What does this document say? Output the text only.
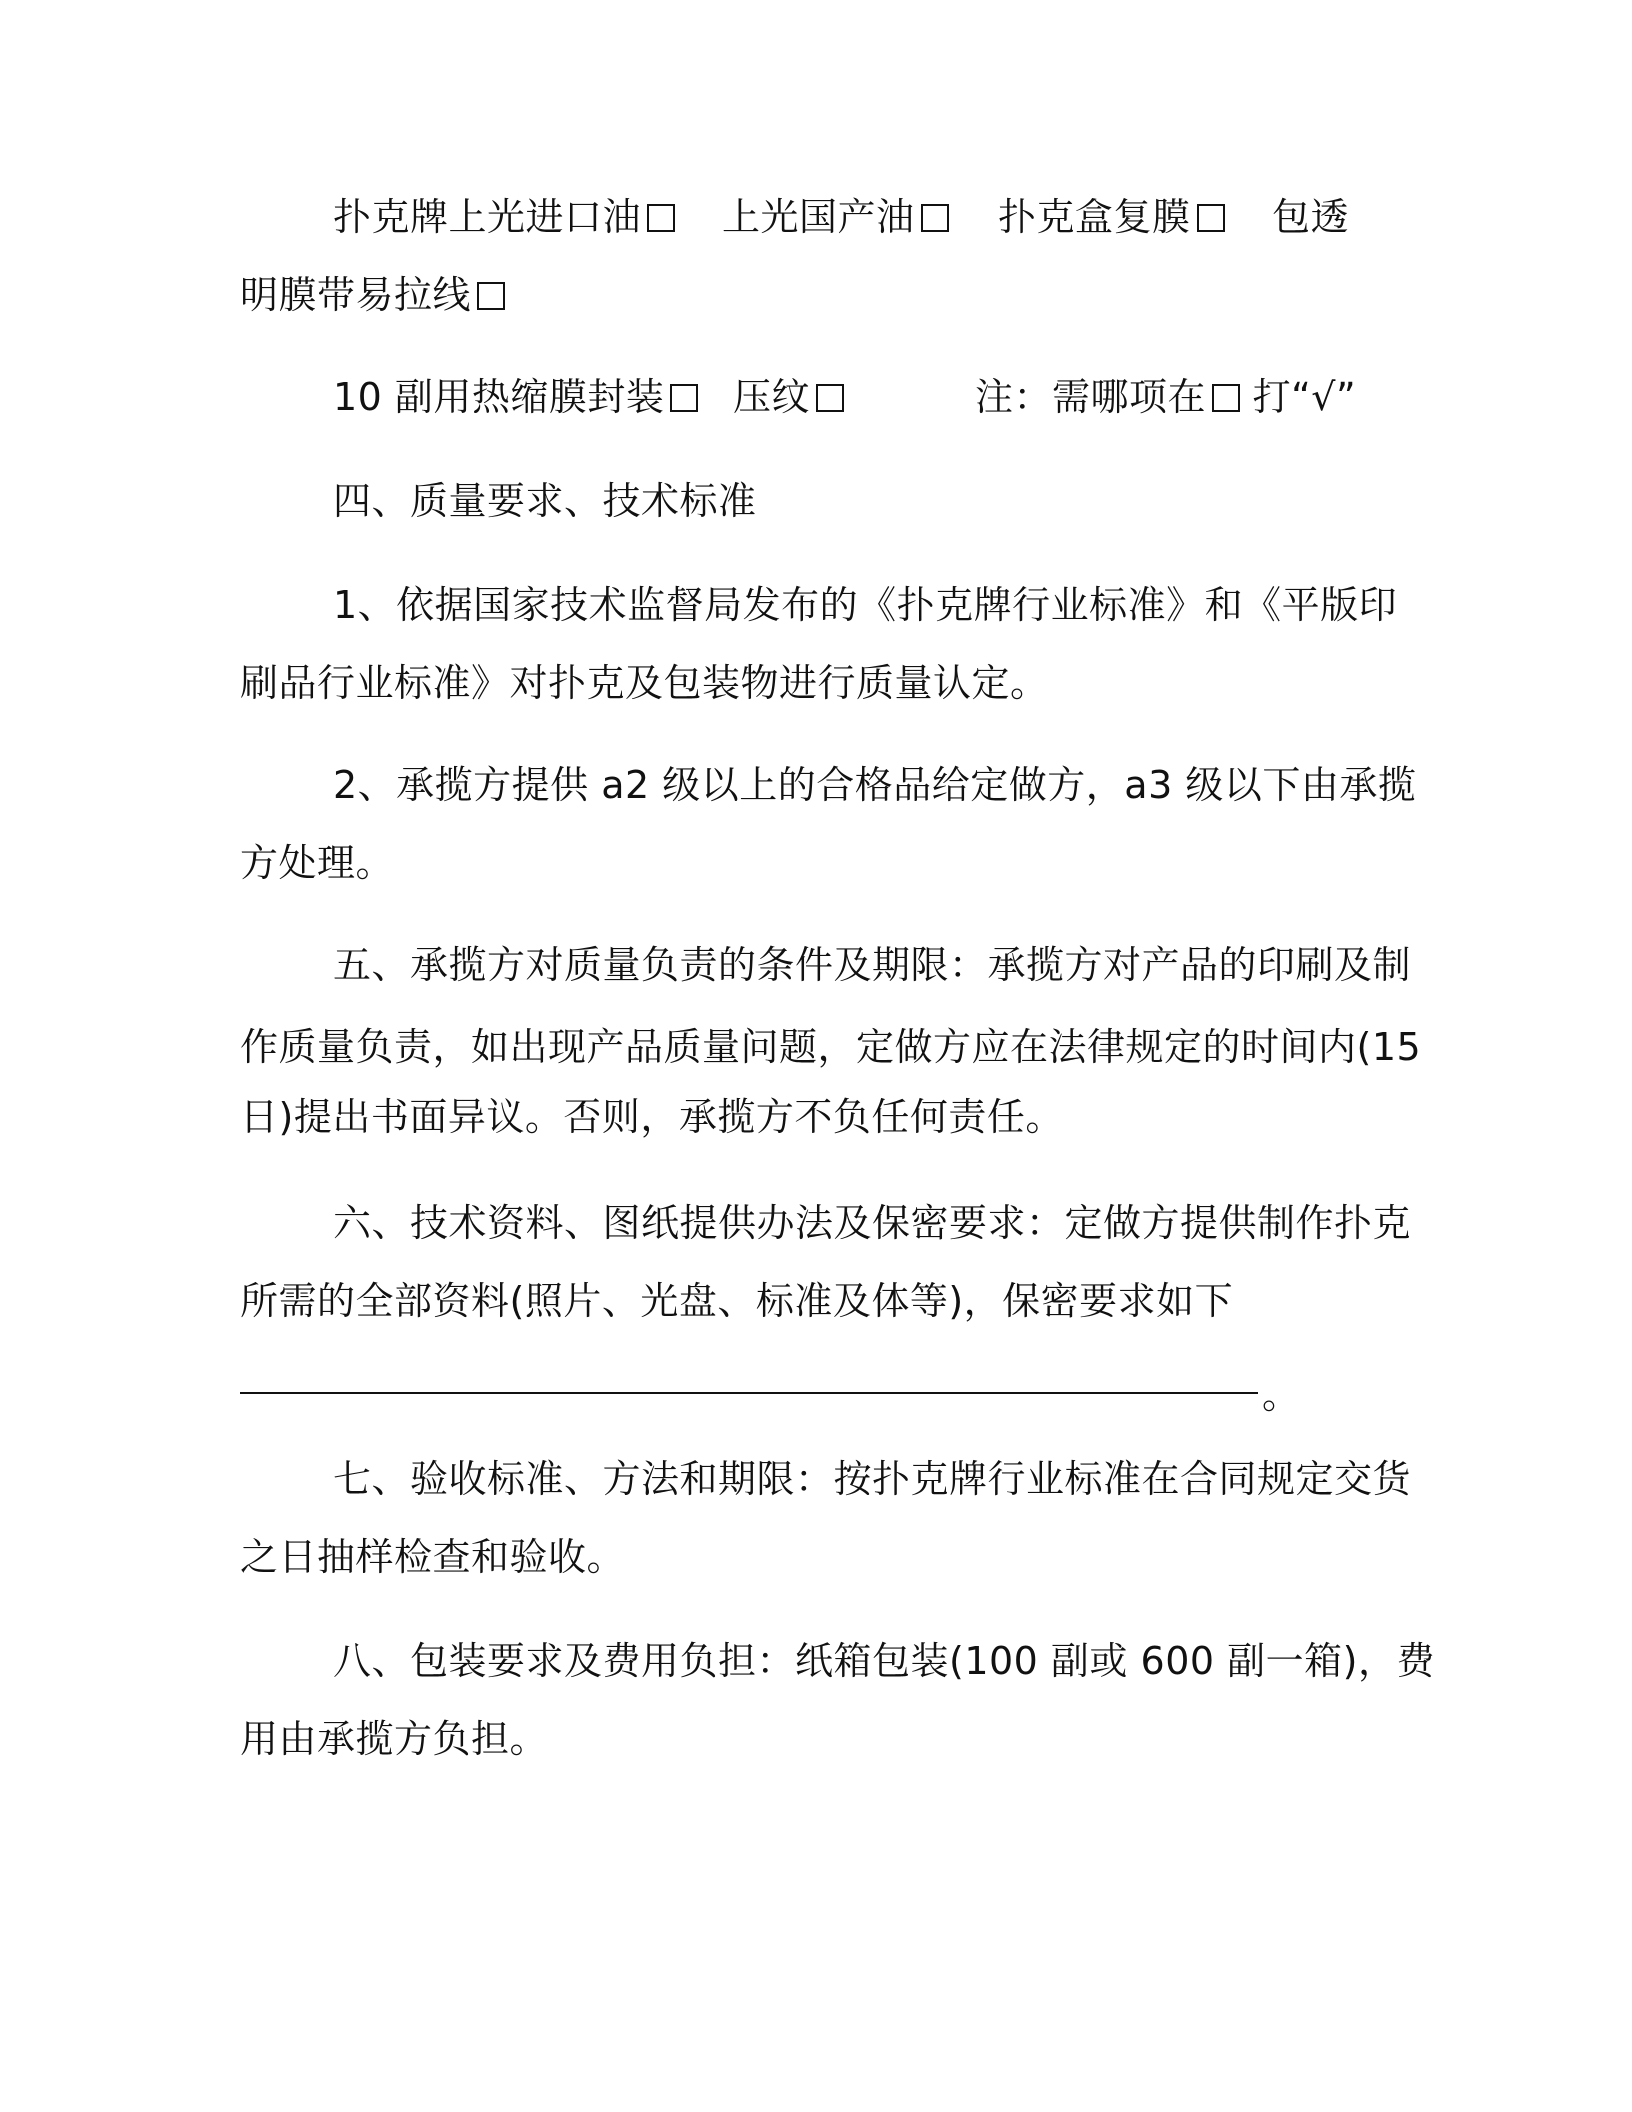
扑克牌上光进口油	上光国产油	扑克盒复膜	包透
明膜带易拉线
10 副用热缩膜封装	压纹	注：需哪项在 打“√”
四、质量要求、技术标准
1、依据国家技术监督局发布的《扑克牌行业标准》和《平版印
刷品行业标准》对扑克及包装物进行质量认定。
2、承揽方提供 a2 级以上的合格品给定做方，a3 级以下由承揽
方处理。
五、承揽方对质量负责的条件及期限：承揽方对产品的印刷及制
作质量负责，如出现产品质量问题，定做方应在法律规定的时间内(15
日)提出书面异议。否则，承揽方不负任何责任。
六、技术资料、图纸提供办法及保密要求：定做方提供制作扑克
所需的全部资料(照片、光盘、标准及体等)，保密要求如下
。
七、验收标准、方法和期限：按扑克牌行业标准在合同规定交货
之日抽样检查和验收。
八、包装要求及费用负担：纸箱包装(100 副或 600 副一箱)，费
用由承揽方负担。
